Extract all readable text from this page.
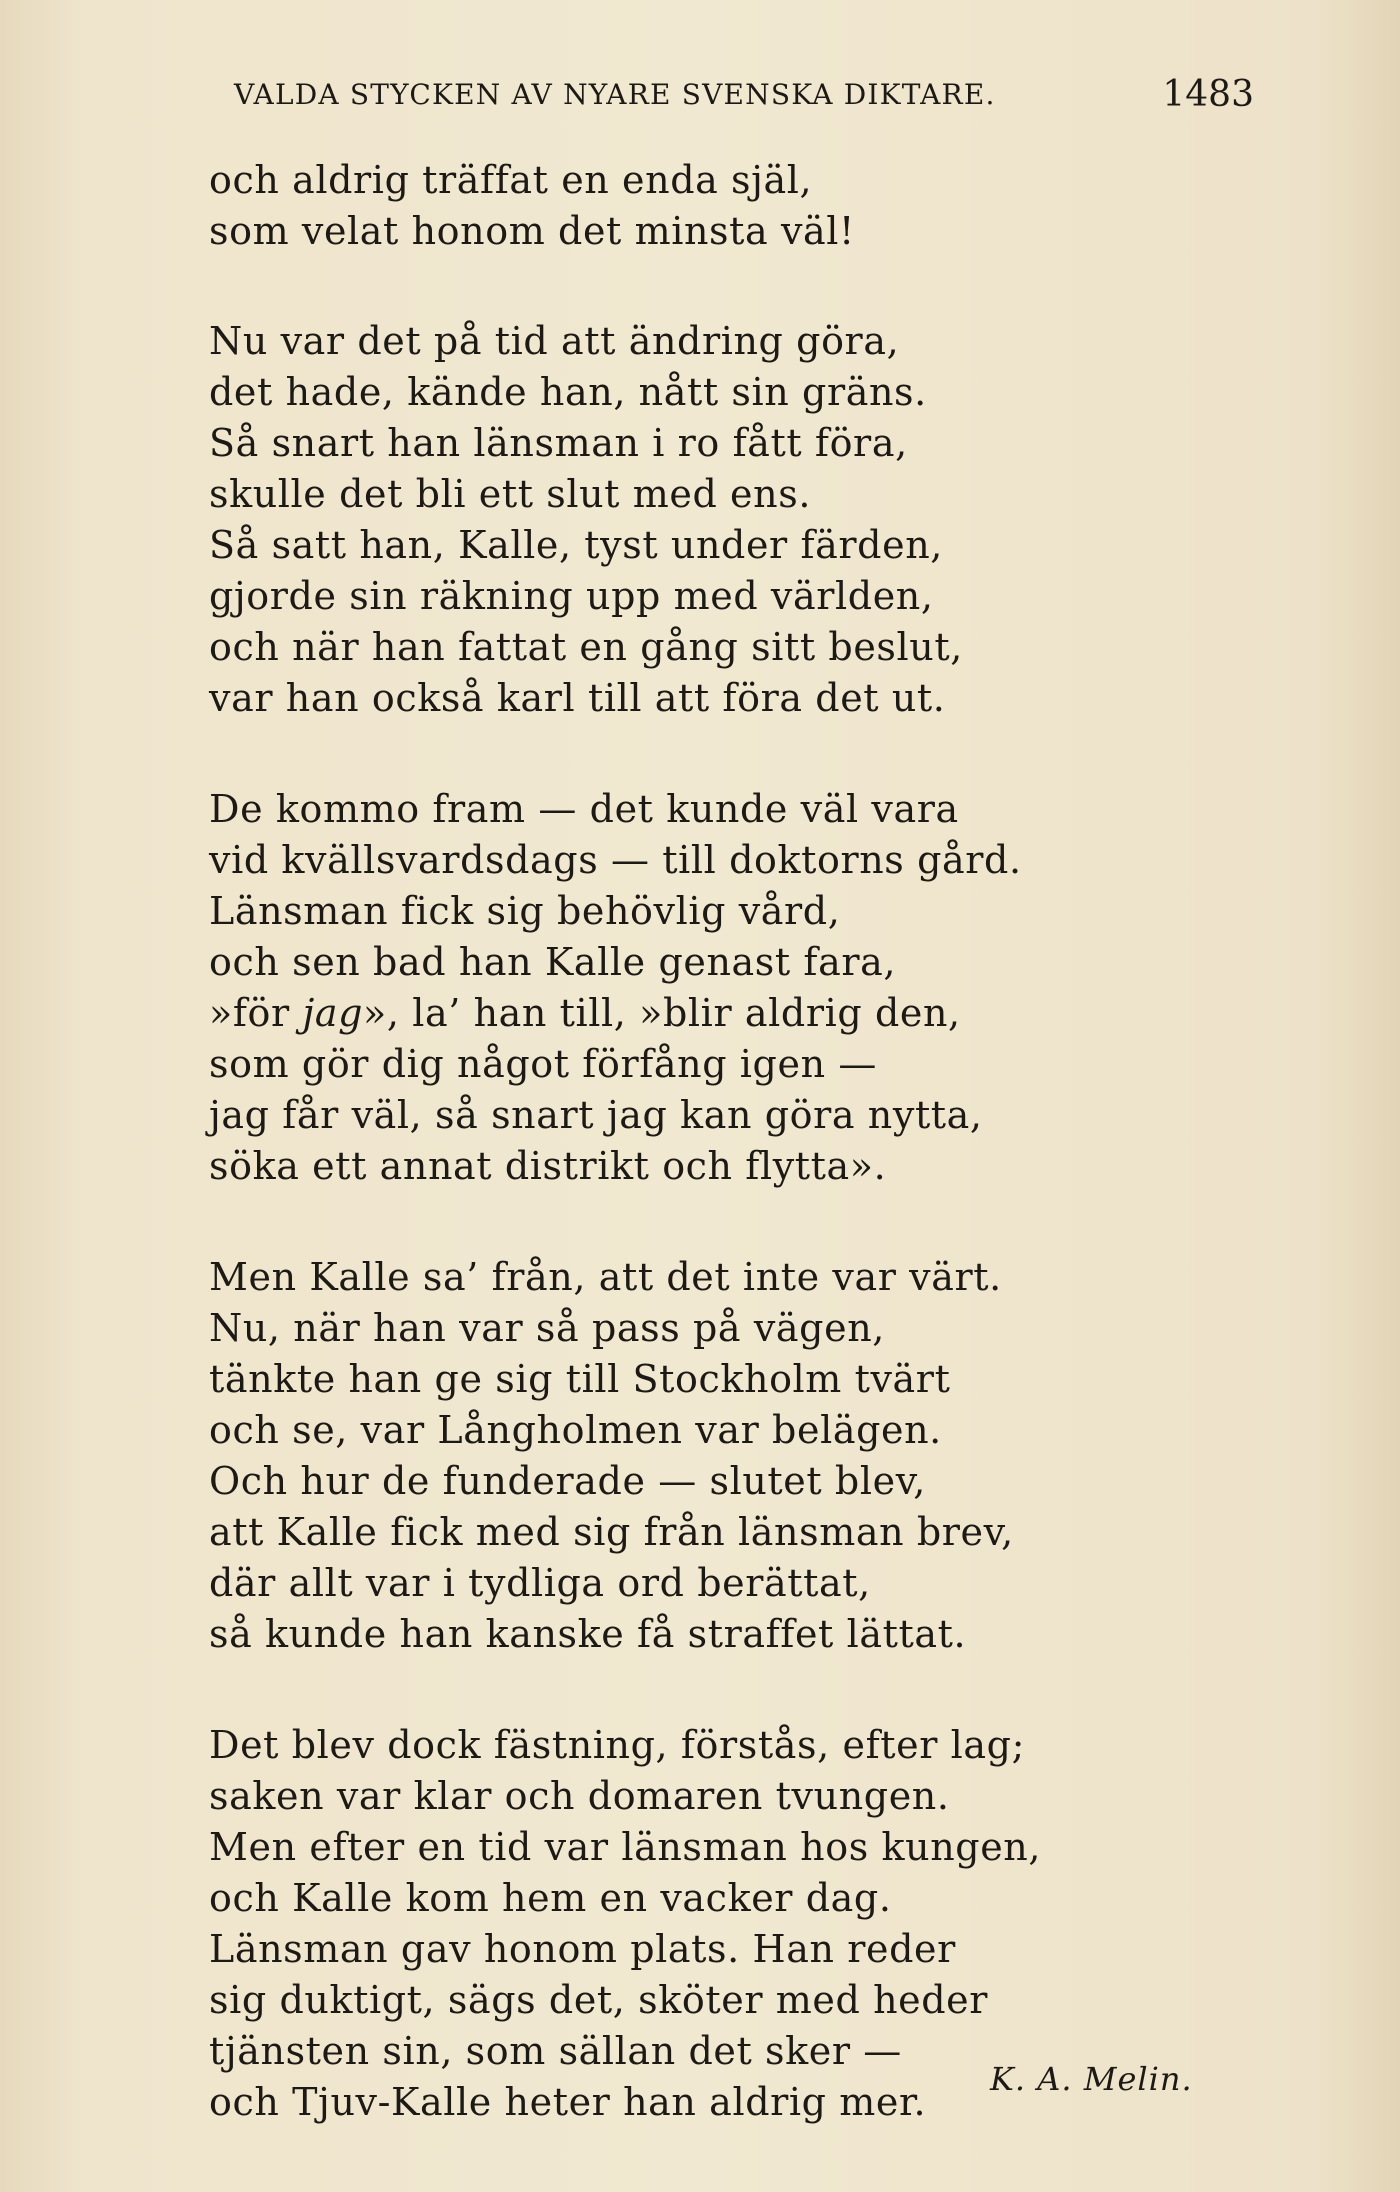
VALDA STYCKEN AV NYARE SVENSKA DIKTARE.	1483
och aldrig träffat en enda själ,
som velat honom det minsta väl!
Nu var det på tid att ändring göra,
det hade, kände han, nått sin gräns.
Så snart han länsman i ro fått föra,
skulle det bli ett slut med ens.
Så satt han, Kalle, tyst under färden,
gjorde sin räkning upp med världen,
och när han fattat en gång sitt beslut,
var han också karl till att föra det ut.
De kommo fram — det kunde väl vara
vid kvällsvardsdags — till doktorns gård.
Länsman fick sig behövlig vård,
och sen bad han Kalle genast fara,
»för jag», la’ han till, »blir aldrig den,
som gör dig något förfång igen —
jag får väl, så snart jag kan göra nytta,
söka ett annat distrikt och flytta».
Men Kalle sa’ från, att det inte var värt.
Nu, när han var så pass på vägen,
tänkte han ge sig till Stockholm tvärt
och se, var Långholmen var belägen.
Och hur de funderade — slutet blev,
att Kalle fick med sig från länsman brev,
där allt var i tydliga ord berättat,
så kunde han kanske få straffet lättat.
Det blev dock fästning, förstås, efter lag;
saken var klar och domaren tvungen.
Men efter en tid var länsman hos kungen,
och Kalle kom hem en vacker dag.
Länsman gav honom plats. Han reder
sig duktigt, sägs det, sköter med heder
tjänsten sin, som sällan det sker —
och Tjuv-Kalle heter han aldrig mer.
K. A. Melin.
